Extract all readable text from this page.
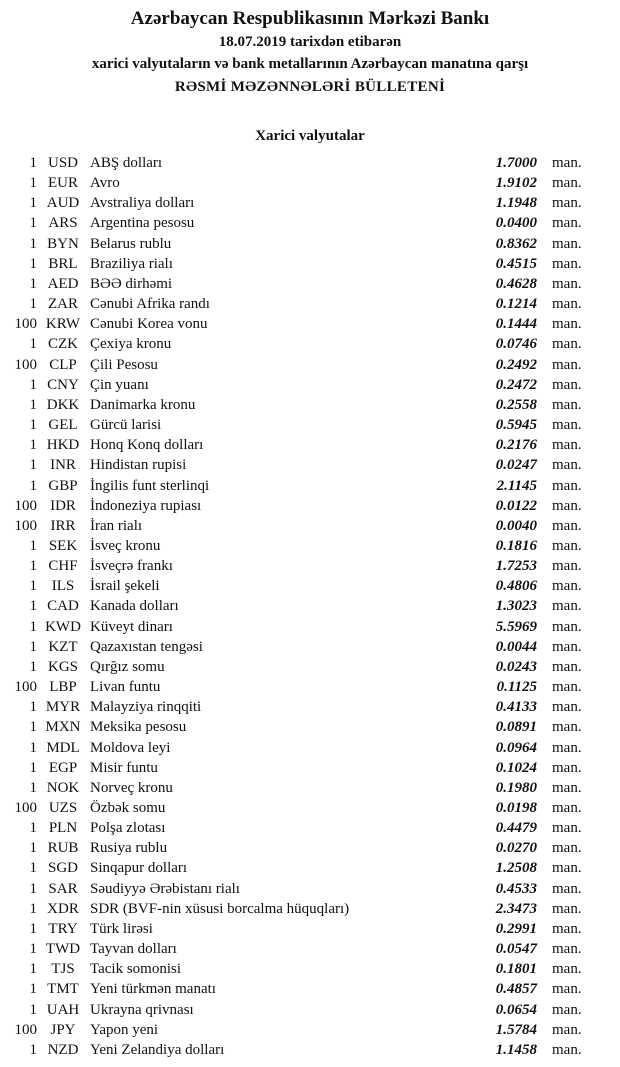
Azərbaycan Respublikasının Mərkəzi Bankı
18.07.2019 tarixdən etibarən
xarici valyutaların və bank metallarının Azərbaycan manatına qarşı
RƏSMİ MƏZƏNNƏLƏRİ BÜLLETENİ
Xarici valyutalar
1 USD ABŞ dolları	1.7000	man.
1 EUR Avro	1.9102	man.
1 AUD Avstraliya dolları	1.1948	man.
1 ARS Argentina pesosu	0.0400	man.
1 BYN Belarus rublu	0.8362	man.
1 BRL Braziliya rialı	0.4515	man.
1 AED BƏƏ dirhəmi	0.4628	man.
1 ZAR Cənubi Afrika randı	0.1214	man.
100 KRW Cənubi Korea vonu	0.1444	man.
1 CZK Çexiya kronu	0.0746	man.
100 CLP Çili Pesosu	0.2492	man.
1 CNY Çin yuanı	0.2472	man.
1 DKK Danimarka kronu	0.2558	man.
1 GEL Gürcü larisi	0.5945	man.
1 HKD Honq Konq dolları	0.2176	man.
1 INR Hindistan rupisi	0.0247	man.
1 GBP İngilis funt sterlinqi	2.1145	man.
100 IDR İndoneziya rupiası	0.0122	man.
100 IRR İran rialı	0.0040	man.
1 SEK İsveç kronu	0.1816	man.
1 CHF İsveçrə frankı	1.7253	man.
1 ILS	İsrail şekeli	0.4806	man.
1 CAD Kanada dolları	1.3023	man.
1 KWD Küveyt dinarı	5.5969	man.
1 KZT Qazaxıstan tengəsi	0.0044	man.
1 KGS Qırğız somu	0.0243	man.
100 LBP Livan funtu	0.1125	man.
1 MYR Malayziya rinqqiti	0.4133	man.
1 MXN Meksika pesosu	0.0891	man.
1 MDL Moldova leyi	0.0964	man.
1 EGP Misir funtu	0.1024	man.
1 NOK Norveç kronu	0.1980	man.
100 UZS Özbək somu	0.0198	man.
1 PLN Polşa zlotası	0.4479	man.
1 RUB Rusiya rublu	0.0270	man.
1 SGD Sinqapur dolları	1.2508	man.
1 SAR Səudiyyə Ərəbistanı rialı	0.4533	man.
1 XDR SDR (BVF-nin xüsusi borcalma hüquqları)	2.3473	man.
1 TRY Türk lirəsi	0.2991	man.
1 TWD Tayvan dolları	0.0547	man.
1 TJS	Tacik somonisi	0.1801	man.
1 TMT Yeni türkmən manatı	0.4857	man.
1 UAH Ukrayna qrivnası	0.0654	man.
100 JPY Yapon yeni	1.5784	man.
1 NZD Yeni Zelandiya dolları	1.1458	man.
